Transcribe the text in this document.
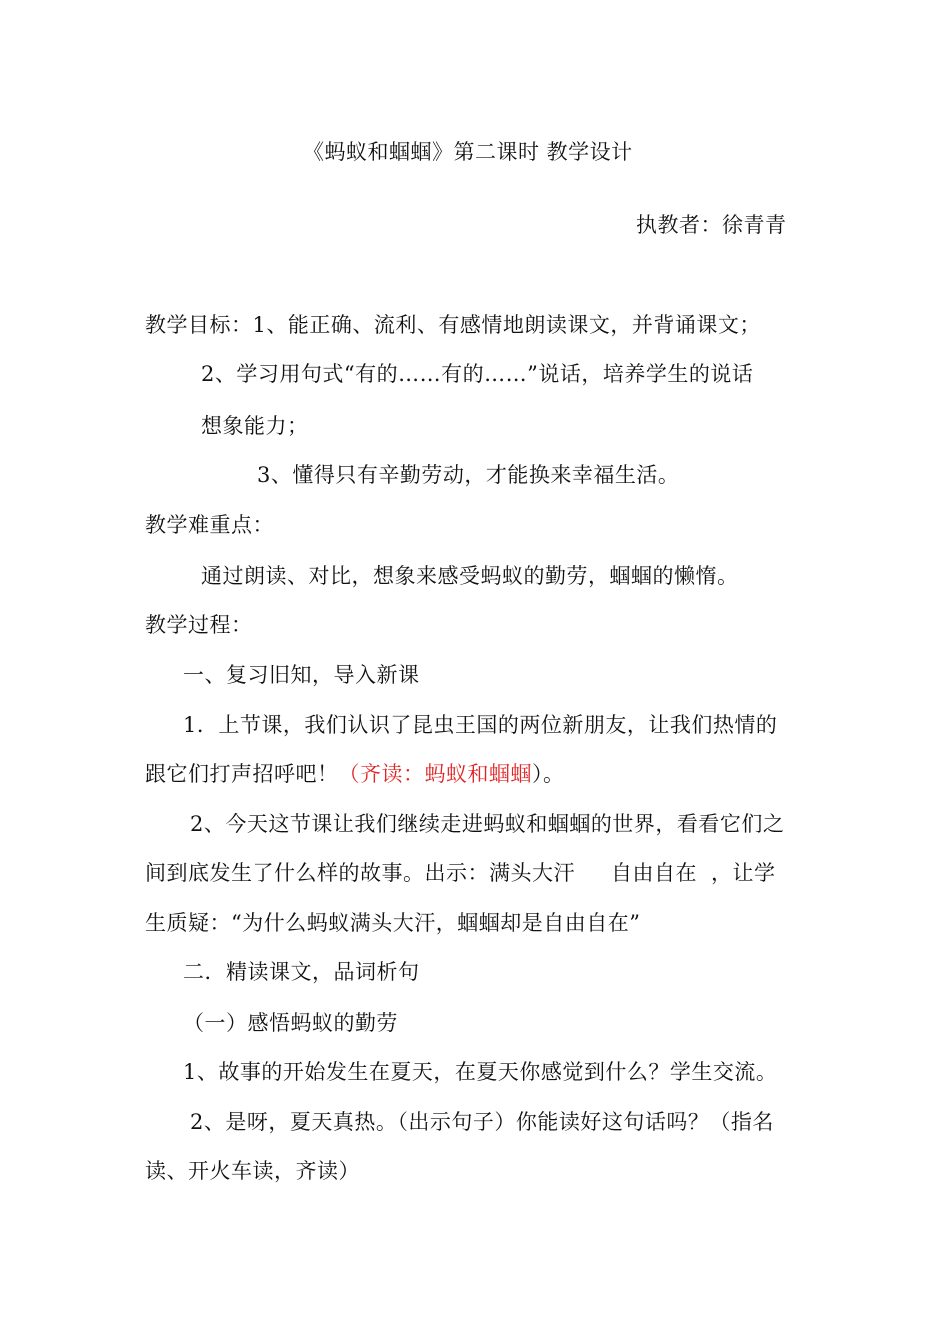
《蚂蚁和蝈蝈》第二课时 教学设计
执教者：徐青青
教学目标：1、能正确、流利、有感情地朗读课文，并背诵课文；
2、学习用句式“有的……有的……”说话，培养学生的说话
想象能力；
3、懂得只有辛勤劳动，才能换来幸福生活。
教学难重点：
通过朗读、对比，想象来感受蚂蚁的勤劳，蝈蝈的懒惰。
教学过程：
一、复习旧知，导入新课
1．上节课，我们认识了昆虫王国的两位新朋友，让我们热情的
跟它们打声招呼吧！（齐读：蚂蚁和蝈蝈）。
2、今天这节课让我们继续走进蚂蚁和蝈蝈的世界，看看它们之
间到底发生了什么样的故事。出示：满头大汗 自由自在 ，让学
生质疑：“为什么蚂蚁满头大汗，蝈蝈却是自由自在”
二．精读课文，品词析句
（一）感悟蚂蚁的勤劳
1、故事的开始发生在夏天，在夏天你感觉到什么？学生交流。
2、是呀，夏天真热。（出示句子）你能读好这句话吗？（指名
读、开火车读，齐读）
